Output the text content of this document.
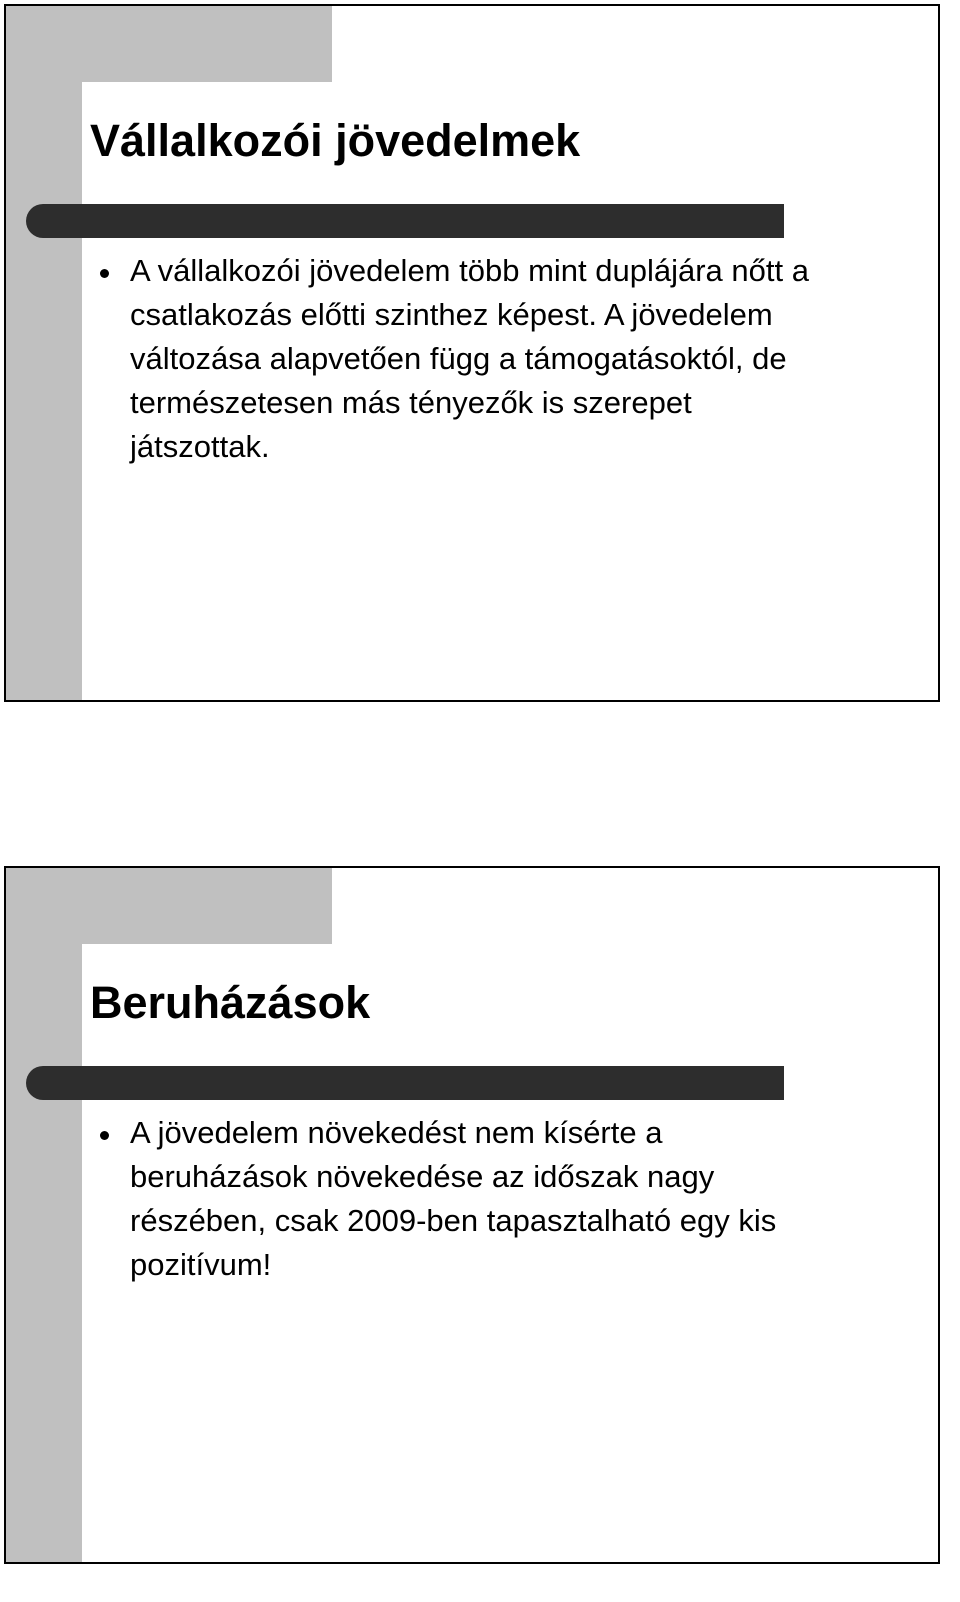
Vállalkozói jövedelmek
A vállalkozói jövedelem több mint duplájára nőtt a csatlakozás előtti szinthez képest. A jövedelem változása alapvetően függ a támogatásoktól, de természetesen más tényezők is szerepet játszottak.
Beruházások
A jövedelem növekedést nem kísérte a beruházások növekedése az időszak nagy részében, csak 2009-ben tapasztalható egy kis pozitívum!
